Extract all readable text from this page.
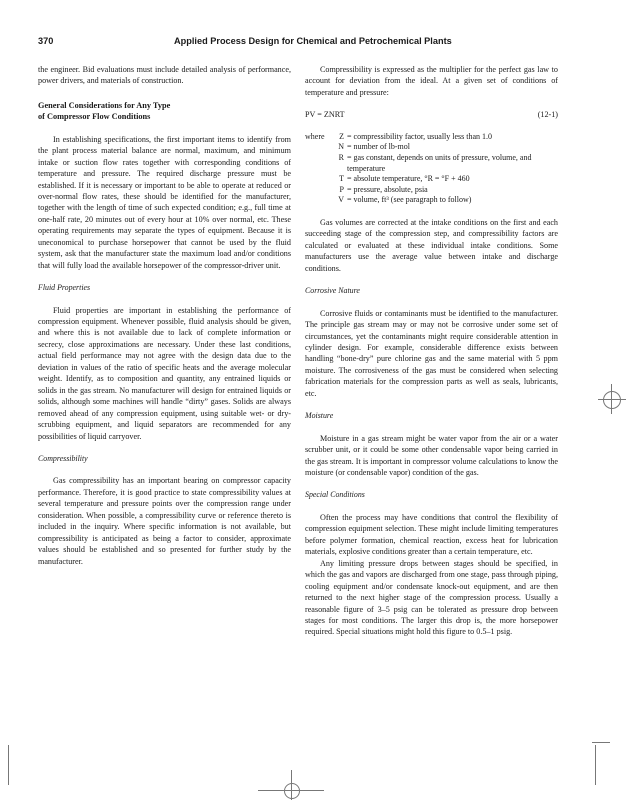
370	Applied Process Design for Chemical and Petrochemical Plants

the engineer. Bid evaluations must include detailed analysis of performance, power drivers, and materials of construction.

General Considerations for Any Type
of Compressor Flow Conditions

In establishing specifications, the first important items to identify from the plant process material balance are normal, maximum, and minimum intake or suction flow rates together with corresponding conditions of temperature and pressure. The required discharge pressure must be established. If it is necessary or important to be able to operate at reduced or over-normal flow rates, these should be identified for the manufacturer, together with the length of time of such expected condition; e.g., full time at one-half rate, 20 minutes out of every hour at 10% over normal, etc. These operating requirements may separate the types of equipment. Because it is uneconomical to purchase horsepower that cannot be used by the fluid system, ask that the manufacturer state the maximum load and/or conditions that will fully load the available horsepower of the compressor-driver unit.

Fluid Properties

Fluid properties are important in establishing the performance of compression equipment. Whenever possible, fluid analysis should be given, and where this is not available due to lack of complete information or secrecy, close approximations are necessary. Under these last conditions, actual field performance may not agree with the design data due to the deviation in values of the ratio of specific heats and the average molecular weight. Identify, as to composition and quantity, any entrained liquids or solids in the gas stream. No manufacturer will design for entrained liquids or solids, although some machines will handle “dirty” gases. Solids are always removed ahead of any compression equipment, using suitable wet- or dry-scrubbing equipment, and liquid separators are recommended for any possibilities of liquid carryover.

Compressibility

Gas compressibility has an important bearing on compressor capacity performance. Therefore, it is good practice to state compressibility values at several temperature and pressure points over the compression range under consideration. When possible, a compressibility curve or reference thereto is included in the inquiry. Where specific information is not available, but compressibility is anticipated as being a factor to consider, approximate values should be established and so presented for further study by the manufacturer.

Compressibility is expressed as the multiplier for the perfect gas law to account for deviation from the ideal. At a given set of conditions of temperature and pressure:

PV = ZNRT	(12-1)
where	Z	= compressibility factor, usually less than 1.0
	N	= number of lb-mol
	R	= gas constant, depends on units of pressure, volume, and temperature
	T	= absolute temperature, °R = °F + 460
	P	= pressure, absolute, psia
	V	= volume, ft³ (see paragraph to follow)

Gas volumes are corrected at the intake conditions on the first and each succeeding stage of the compression step, and compressibility factors are calculated or evaluated at these individual intake conditions. Some manufacturers use the average value between intake and discharge conditions.

Corrosive Nature

Corrosive fluids or contaminants must be identified to the manufacturer. The principle gas stream may or may not be corrosive under some set of circumstances, yet the contaminants might require considerable attention in cylinder design. For example, considerable difference exists between handling “bone-dry” pure chlorine gas and the same material with 5 ppm moisture. The corrosiveness of the gas must be considered when selecting fabrication materials for the compression parts as well as seals, lubricants, etc.

Moisture

Moisture in a gas stream might be water vapor from the air or a water scrubber unit, or it could be some other condensable vapor being carried in the gas stream. It is important in compressor volume calculations to know the moisture (or condensable vapor) condition of the gas.

Special Conditions

Often the process may have conditions that control the flexibility of compression equipment selection. These might include limiting temperatures before polymer formation, chemical reaction, excess heat for lubrication materials, explosive conditions greater than a certain temperature, etc.

Any limiting pressure drops between stages should be specified, in which the gas and vapors are discharged from one stage, pass through piping, cooling equipment and/or condensate knock-out equipment, and are then returned to the next higher stage of the compression process. Usually a reasonable figure of 3–5 psig can be tolerated as pressure drop between stages for most conditions. The larger this drop is, the more horsepower required. Special situations might hold this figure to 0.5–1 psig.
